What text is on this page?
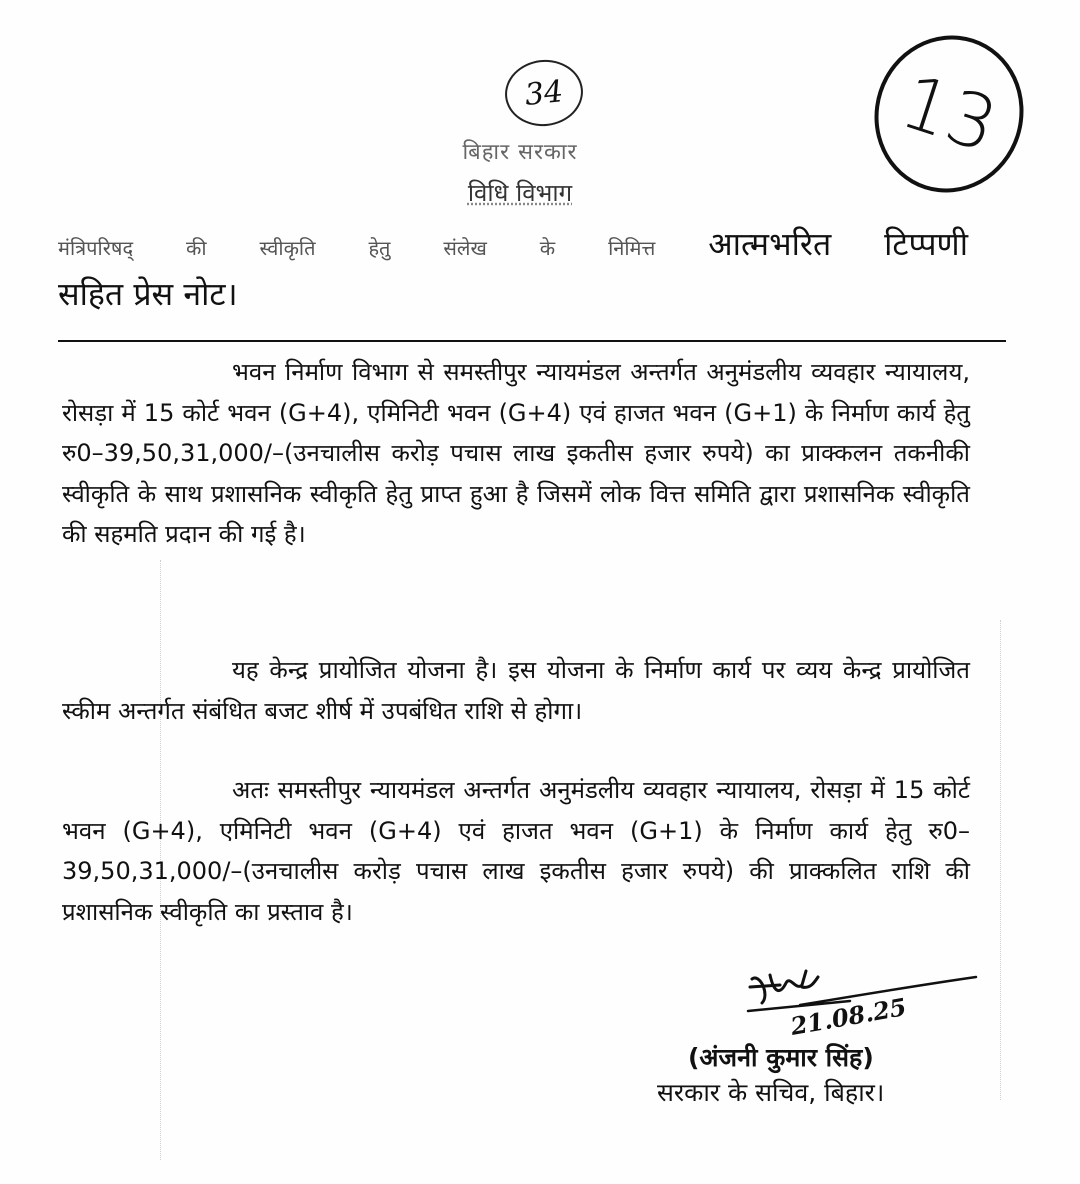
34	13
बिहार सरकार
विधि विभाग
मंत्रिपरिषद्	की	स्वीकृति	हेतु	संलेख	के	निमित्त आत्मभरित टिप्पणी
सहित प्रेस नोट।

भवन निर्माण विभाग से समस्तीपुर न्यायमंडल अन्तर्गत अनुमंडलीय व्यवहार न्यायालय, रोसड़ा में 15 कोर्ट भवन (G+4), एमिनिटी भवन (G+4) एवं हाजत भवन (G+1) के निर्माण कार्य हेतु रु0–39,50,31,000/–(उनचालीस करोड़ पचास लाख इकतीस हजार रुपये) का प्राक्कलन तकनीकी स्वीकृति के साथ प्रशासनिक स्वीकृति हेतु प्राप्त हुआ है जिसमें लोक वित्त समिति द्वारा प्रशासनिक स्वीकृति की सहमति प्रदान की गई है।

यह केन्द्र प्रायोजित योजना है। इस योजना के निर्माण कार्य पर व्यय केन्द्र प्रायोजित स्कीम अन्तर्गत संबंधित बजट शीर्ष में उपबंधित राशि से होगा।

अतः समस्तीपुर न्यायमंडल अन्तर्गत अनुमंडलीय व्यवहार न्यायालय, रोसड़ा में 15 कोर्ट भवन (G+4), एमिनिटी भवन (G+4) एवं हाजत भवन (G+1) के निर्माण कार्य हेतु रु0–39,50,31,000/–(उनचालीस करोड़ पचास लाख इकतीस हजार रुपये) की प्राक्कलित राशि की प्रशासनिक स्वीकृति का प्रस्ताव है।

21.08.25
(अंजनी कुमार सिंह)
सरकार के सचिव, बिहार।
